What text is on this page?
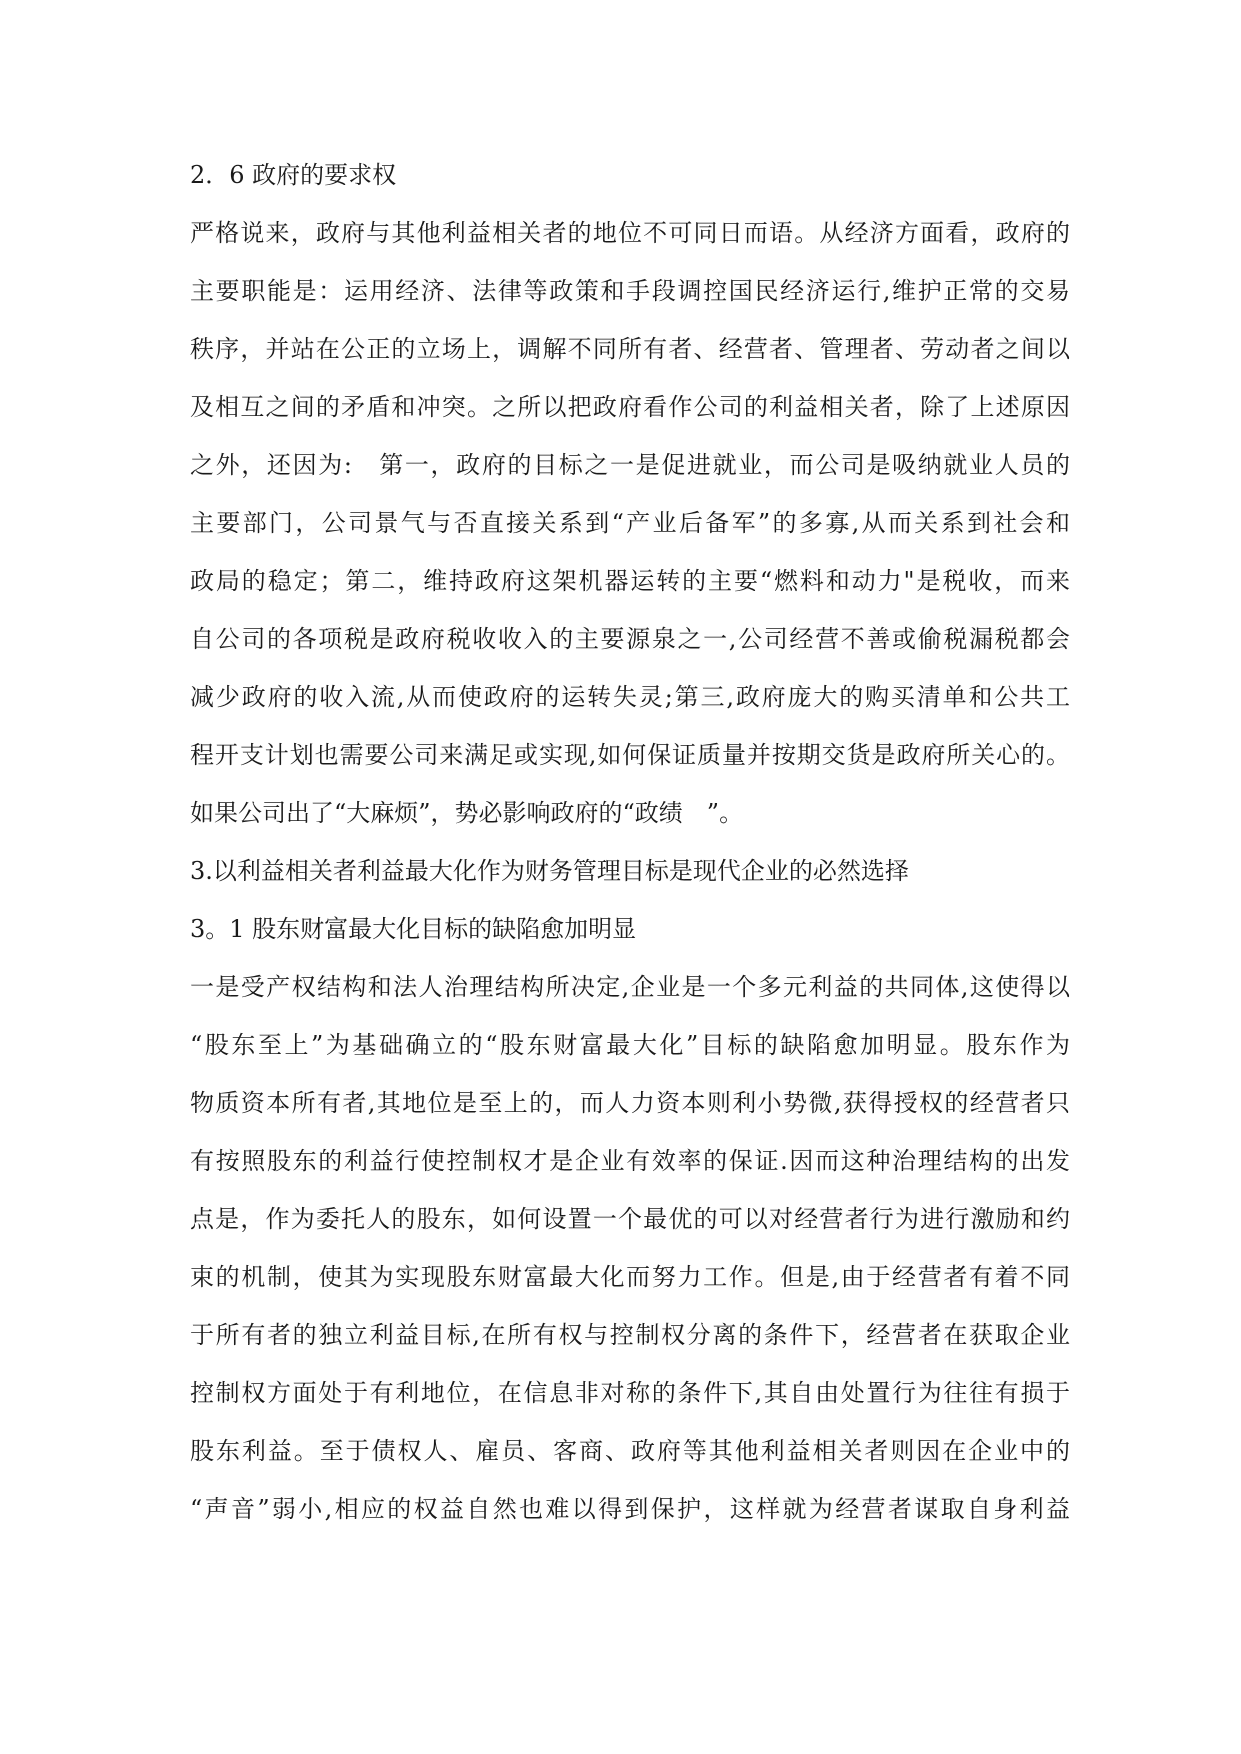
2．6 政府的要求权
严格说来，政府与其他利益相关者的地位不可同日而语。从经济方面看，政府的
主要职能是：运用经济、法律等政策和手段调控国民经济运行,维护正常的交易
秩序，并站在公正的立场上，调解不同所有者、经营者、管理者、劳动者之间以
及相互之间的矛盾和冲突。之所以把政府看作公司的利益相关者，除了上述原因
之外，还因为:　第一，政府的目标之一是促进就业，而公司是吸纳就业人员的
主要部门，公司景气与否直接关系到“产业后备军”的多寡,从而关系到社会和
政局的稳定；第二，维持政府这架机器运转的主要“燃料和动力"是税收，而来
自公司的各项税是政府税收收入的主要源泉之一,公司经营不善或偷税漏税都会
减少政府的收入流,从而使政府的运转失灵;第三,政府庞大的购买清单和公共工
程开支计划也需要公司来满足或实现,如何保证质量并按期交货是政府所关心的。
如果公司出了“大麻烦”，势必影响政府的“政绩　”。
3.以利益相关者利益最大化作为财务管理目标是现代企业的必然选择
3。1 股东财富最大化目标的缺陷愈加明显
一是受产权结构和法人治理结构所决定,企业是一个多元利益的共同体,这使得以
“股东至上”为基础确立的“股东财富最大化”目标的缺陷愈加明显。股东作为
物质资本所有者,其地位是至上的，而人力资本则利小势微,获得授权的经营者只
有按照股东的利益行使控制权才是企业有效率的保证.因而这种治理结构的出发
点是，作为委托人的股东，如何设置一个最优的可以对经营者行为进行激励和约
束的机制，使其为实现股东财富最大化而努力工作。但是,由于经营者有着不同
于所有者的独立利益目标,在所有权与控制权分离的条件下，经营者在获取企业
控制权方面处于有利地位，在信息非对称的条件下,其自由处置行为往往有损于
股东利益。至于债权人、雇员、客商、政府等其他利益相关者则因在企业中的
“声音”弱小,相应的权益自然也难以得到保护，这样就为经营者谋取自身利益
